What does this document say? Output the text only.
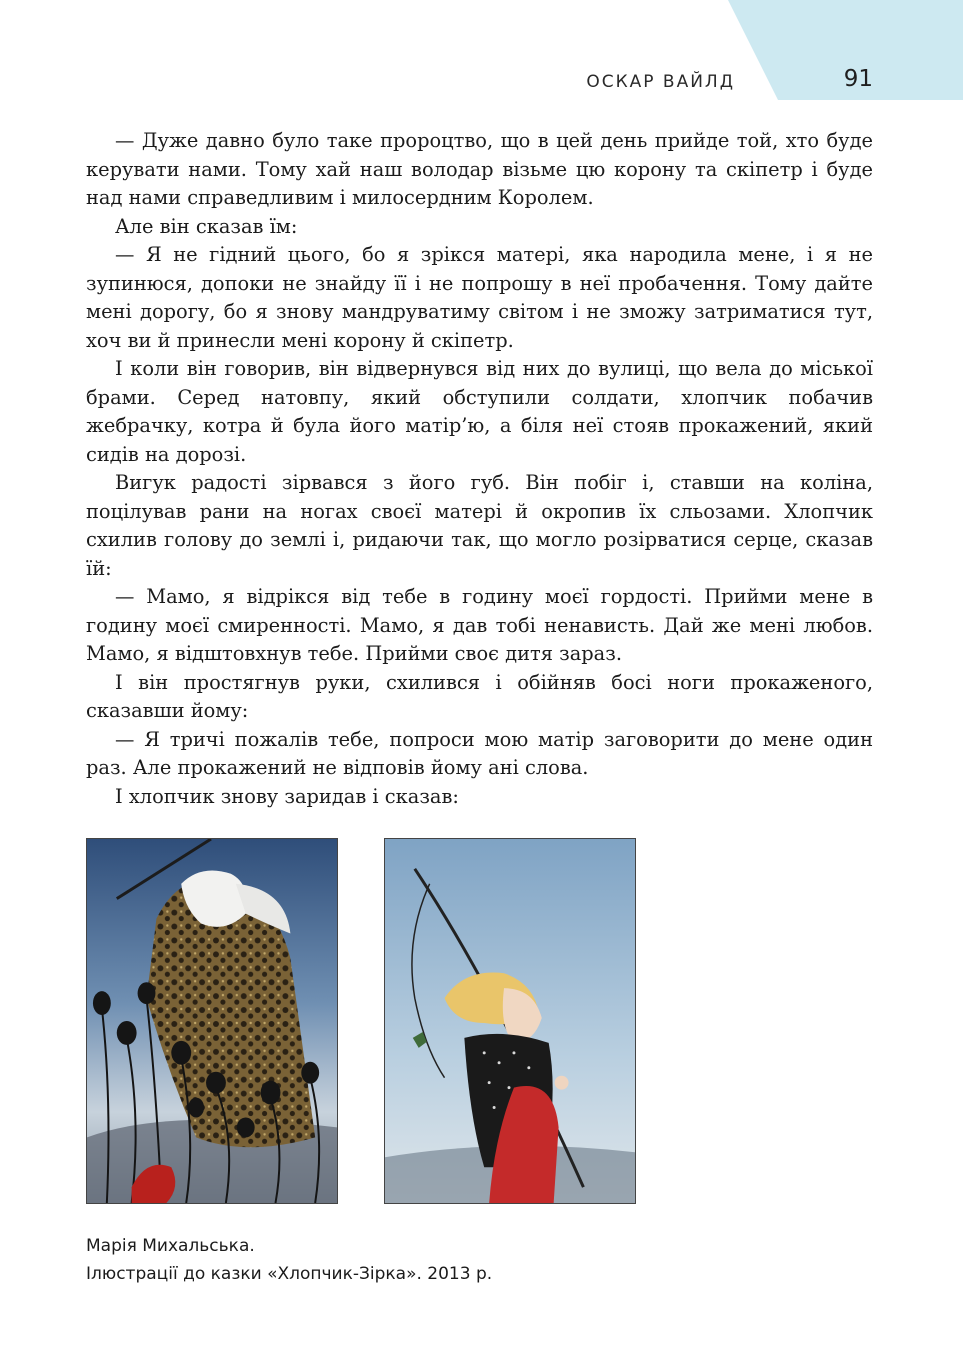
ОСКАР ВАЙЛД	91

— Дуже давно було таке пророцтво, що в цей день прийде той, хто буде керувати нами. Тому хай наш володар візьме цю корону та скіпетр і буде над нами справедливим і милосердним Королем.

Але він сказав їм:

— Я не гідний цього, бо я зрікся матері, яка народила мене, і я не зупинюся, допоки не знайду її і не попрошу в неї пробачення. Тому дайте мені дорогу, бо я знову мандруватиму світом і не зможу затриматися тут, хоч ви й принесли мені корону й скіпетр.

І коли він говорив, він відвернувся від них до вулиці, що вела до міської брами. Серед натовпу, який обступили солдати, хлопчик побачив жебрачку, котра й була його матір’ю, а біля неї стояв прокажений, який сидів на дорозі.

Вигук радості зірвався з його губ. Він побіг і, ставши на коліна, поцілував рани на ногах своєї матері й окропив їх сльозами. Хлопчик схилив голову до землі і, ридаючи так, що могло розірватися серце, сказав їй:

— Мамо, я відрікся від тебе в годину моєї гордості. Прийми мене в годину моєї смиренності. Мамо, я дав тобі ненависть. Дай же мені любов. Мамо, я відштовхнув тебе. Прийми своє дитя зараз.

І він простягнув руки, схилився і обійняв босі ноги прокаженого, сказавши йому:

— Я тричі пожалів тебе, попроси мою матір заговорити до мене один раз. Але прокажений не відповів йому ані слова.

І хлопчик знову заридав і сказав:

Марія Михальська.
Ілюстрації до казки «Хлопчик-Зірка». 2013 р.
